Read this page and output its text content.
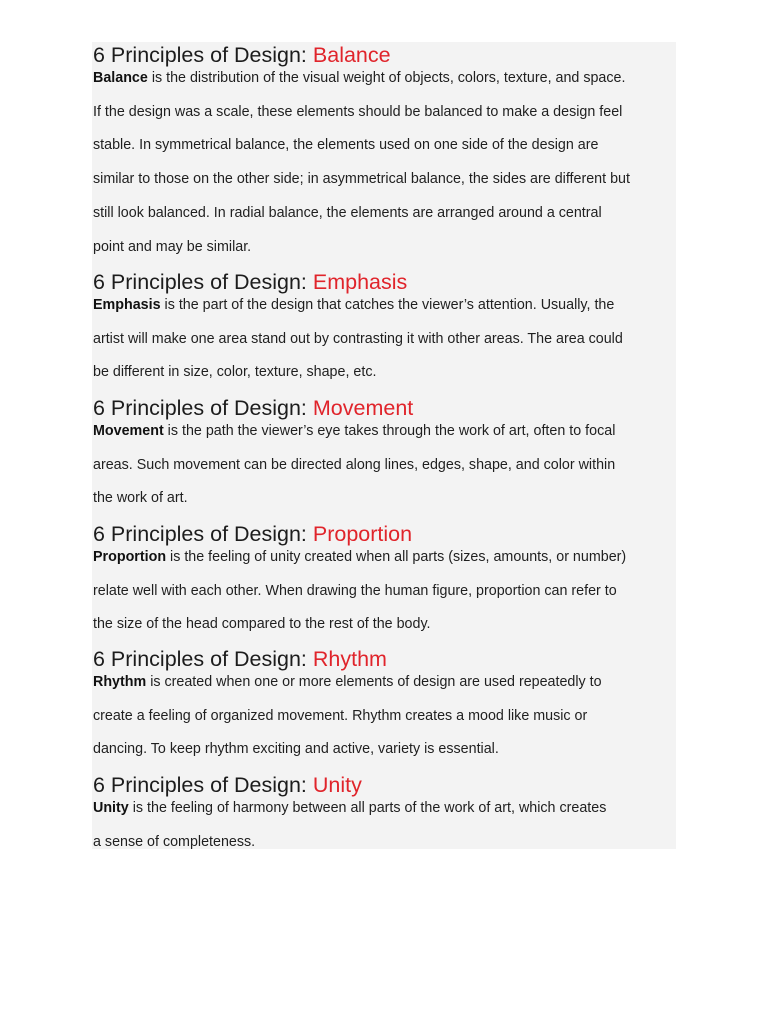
6 Principles of Design: Balance

Balance is the distribution of the visual weight of objects, colors, texture, and space.
If the design was a scale, these elements should be balanced to make a design feel
stable. In symmetrical balance, the elements used on one side of the design are
similar to those on the other side; in asymmetrical balance, the sides are different but
still look balanced. In radial balance, the elements are arranged around a central
point and may be similar.

6 Principles of Design: Emphasis

Emphasis is the part of the design that catches the viewer’s attention. Usually, the
artist will make one area stand out by contrasting it with other areas. The area could
be different in size, color, texture, shape, etc.

6 Principles of Design: Movement

Movement is the path the viewer’s eye takes through the work of art, often to focal
areas. Such movement can be directed along lines, edges, shape, and color within
the work of art.

6 Principles of Design: Proportion

Proportion is the feeling of unity created when all parts (sizes, amounts, or number)
relate well with each other. When drawing the human figure, proportion can refer to
the size of the head compared to the rest of the body.

6 Principles of Design: Rhythm

Rhythm is created when one or more elements of design are used repeatedly to
create a feeling of organized movement. Rhythm creates a mood like music or
dancing. To keep rhythm exciting and active, variety is essential.

6 Principles of Design: Unity

Unity is the feeling of harmony between all parts of the work of art, which creates
a sense of completeness.
